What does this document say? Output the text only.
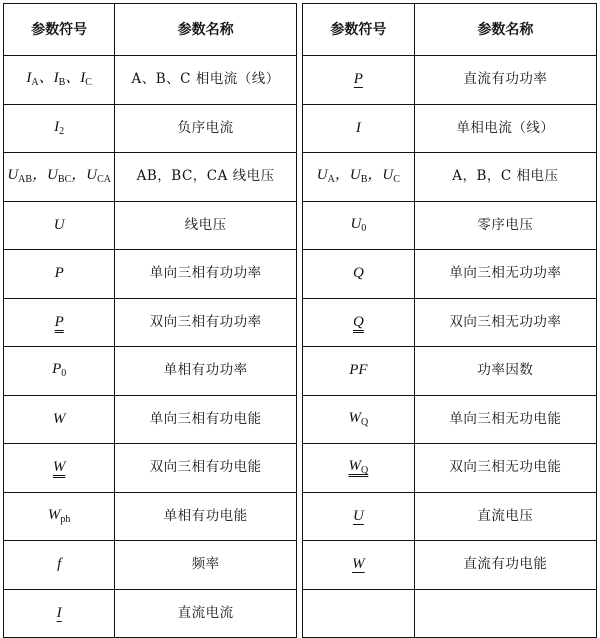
参数符号	参数名称
$I_A$、$I_B$、$I_C$	A、B、C 相电流（线）
$I_2$	负序电流
$U_{AB}$，$U_{BC}$，$U_{CA}$	AB，BC，CA 线电压
U	线电压
P	单向三相有功功率
P	双向三相有功功率
$P_0$	单相有功功率
W	单向三相有功电能
W	双向三相有功电能
$W_{ph}$	单相有功电能
f	频率
I	直流电流
参数符号	参数名称
P	直流有功功率
I	单相电流（线）
$U_A$，$U_B$，$U_C$	A，B，C 相电压
$U_0$	零序电压
Q	单向三相无功功率
Q	双向三相无功功率
PF	功率因数
$W_Q$	单向三相无功电能
$W_Q$	双向三相无功电能
U	直流电压
W	直流有功电能
